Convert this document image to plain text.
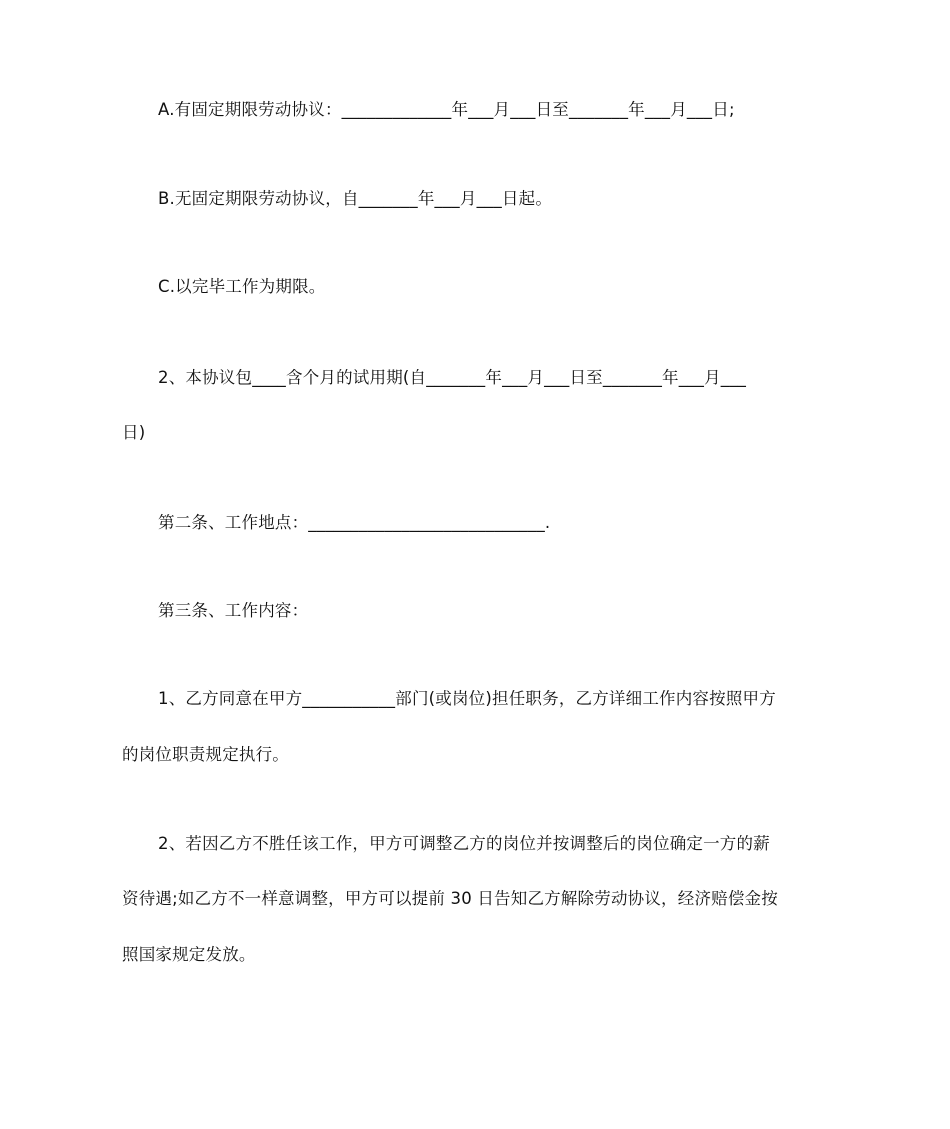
A.有固定期限劳动协议：_____________年___月___日至_______年___月___日;
B.无固定期限劳动协议，自_______年___月___日起。
C.以完毕工作为期限。
2、本协议包____含个月的试用期(自_______年___月___日至_______年___月___
日)
第二条、工作地点：____________________________.
第三条、工作内容：
1、乙方同意在甲方___________部门(或岗位)担任职务，乙方详细工作内容按照甲方
的岗位职责规定执行。
2、若因乙方不胜任该工作，甲方可调整乙方的岗位并按调整后的岗位确定一方的薪
资待遇;如乙方不一样意调整，甲方可以提前 30 日告知乙方解除劳动协议，经济赔偿金按
照国家规定发放。
